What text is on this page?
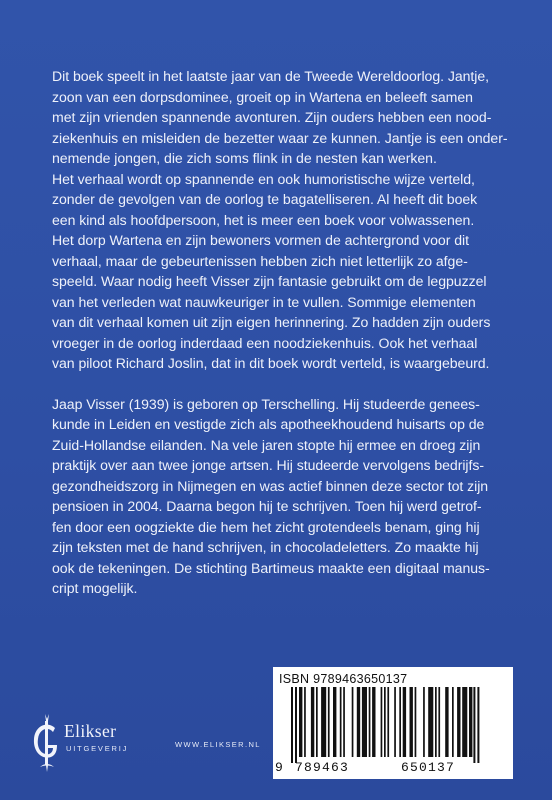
Dit boek speelt in het laatste jaar van de Tweede Wereldoorlog. Jantje,

zoon van een dorpsdominee, groeit op in Wartena en beleeft samen

met zijn vrienden spannende avonturen. Zijn ouders hebben een nood-

ziekenhuis en misleiden de bezetter waar ze kunnen. Jantje is een onder-

nemende jongen, die zich soms flink in de nesten kan werken.

Het verhaal wordt op spannende en ook humoristische wijze verteld,

zonder de gevolgen van de oorlog te bagatelliseren. Al heeft dit boek

een kind als hoofdpersoon, het is meer een boek voor volwassenen.

Het dorp Wartena en zijn bewoners vormen de achtergrond voor dit

verhaal, maar de gebeurtenissen hebben zich niet letterlijk zo afge-

speeld. Waar nodig heeft Visser zijn fantasie gebruikt om de legpuzzel

van het verleden wat nauwkeuriger in te vullen. Sommige elementen

van dit verhaal komen uit zijn eigen herinnering. Zo hadden zijn ouders

vroeger in de oorlog inderdaad een noodziekenhuis. Ook het verhaal

van piloot Richard Joslin, dat in dit boek wordt verteld, is waargebeurd.

Jaap Visser (1939) is geboren op Terschelling. Hij studeerde genees-

kunde in Leiden en vestigde zich als apotheekhoudend huisarts op de

Zuid-Hollandse eilanden. Na vele jaren stopte hij ermee en droeg zijn

praktijk over aan twee jonge artsen. Hij studeerde vervolgens bedrijfs-

gezondheidszorg in Nijmegen en was actief binnen deze sector tot zijn

pensioen in 2004. Daarna begon hij te schrijven. Toen hij werd getrof-

fen door een oogziekte die hem het zicht grotendeels benam, ging hij

zijn teksten met de hand schrijven, in chocoladeletters. Zo maakte hij

ook de tekeningen. De stichting Bartimeus maakte een digitaal manus-

cript mogelijk.

Elikser
UITGEVERIJ	WWW.ELIKSER.NL
ISBN 9789463650137
9 789463	650137
